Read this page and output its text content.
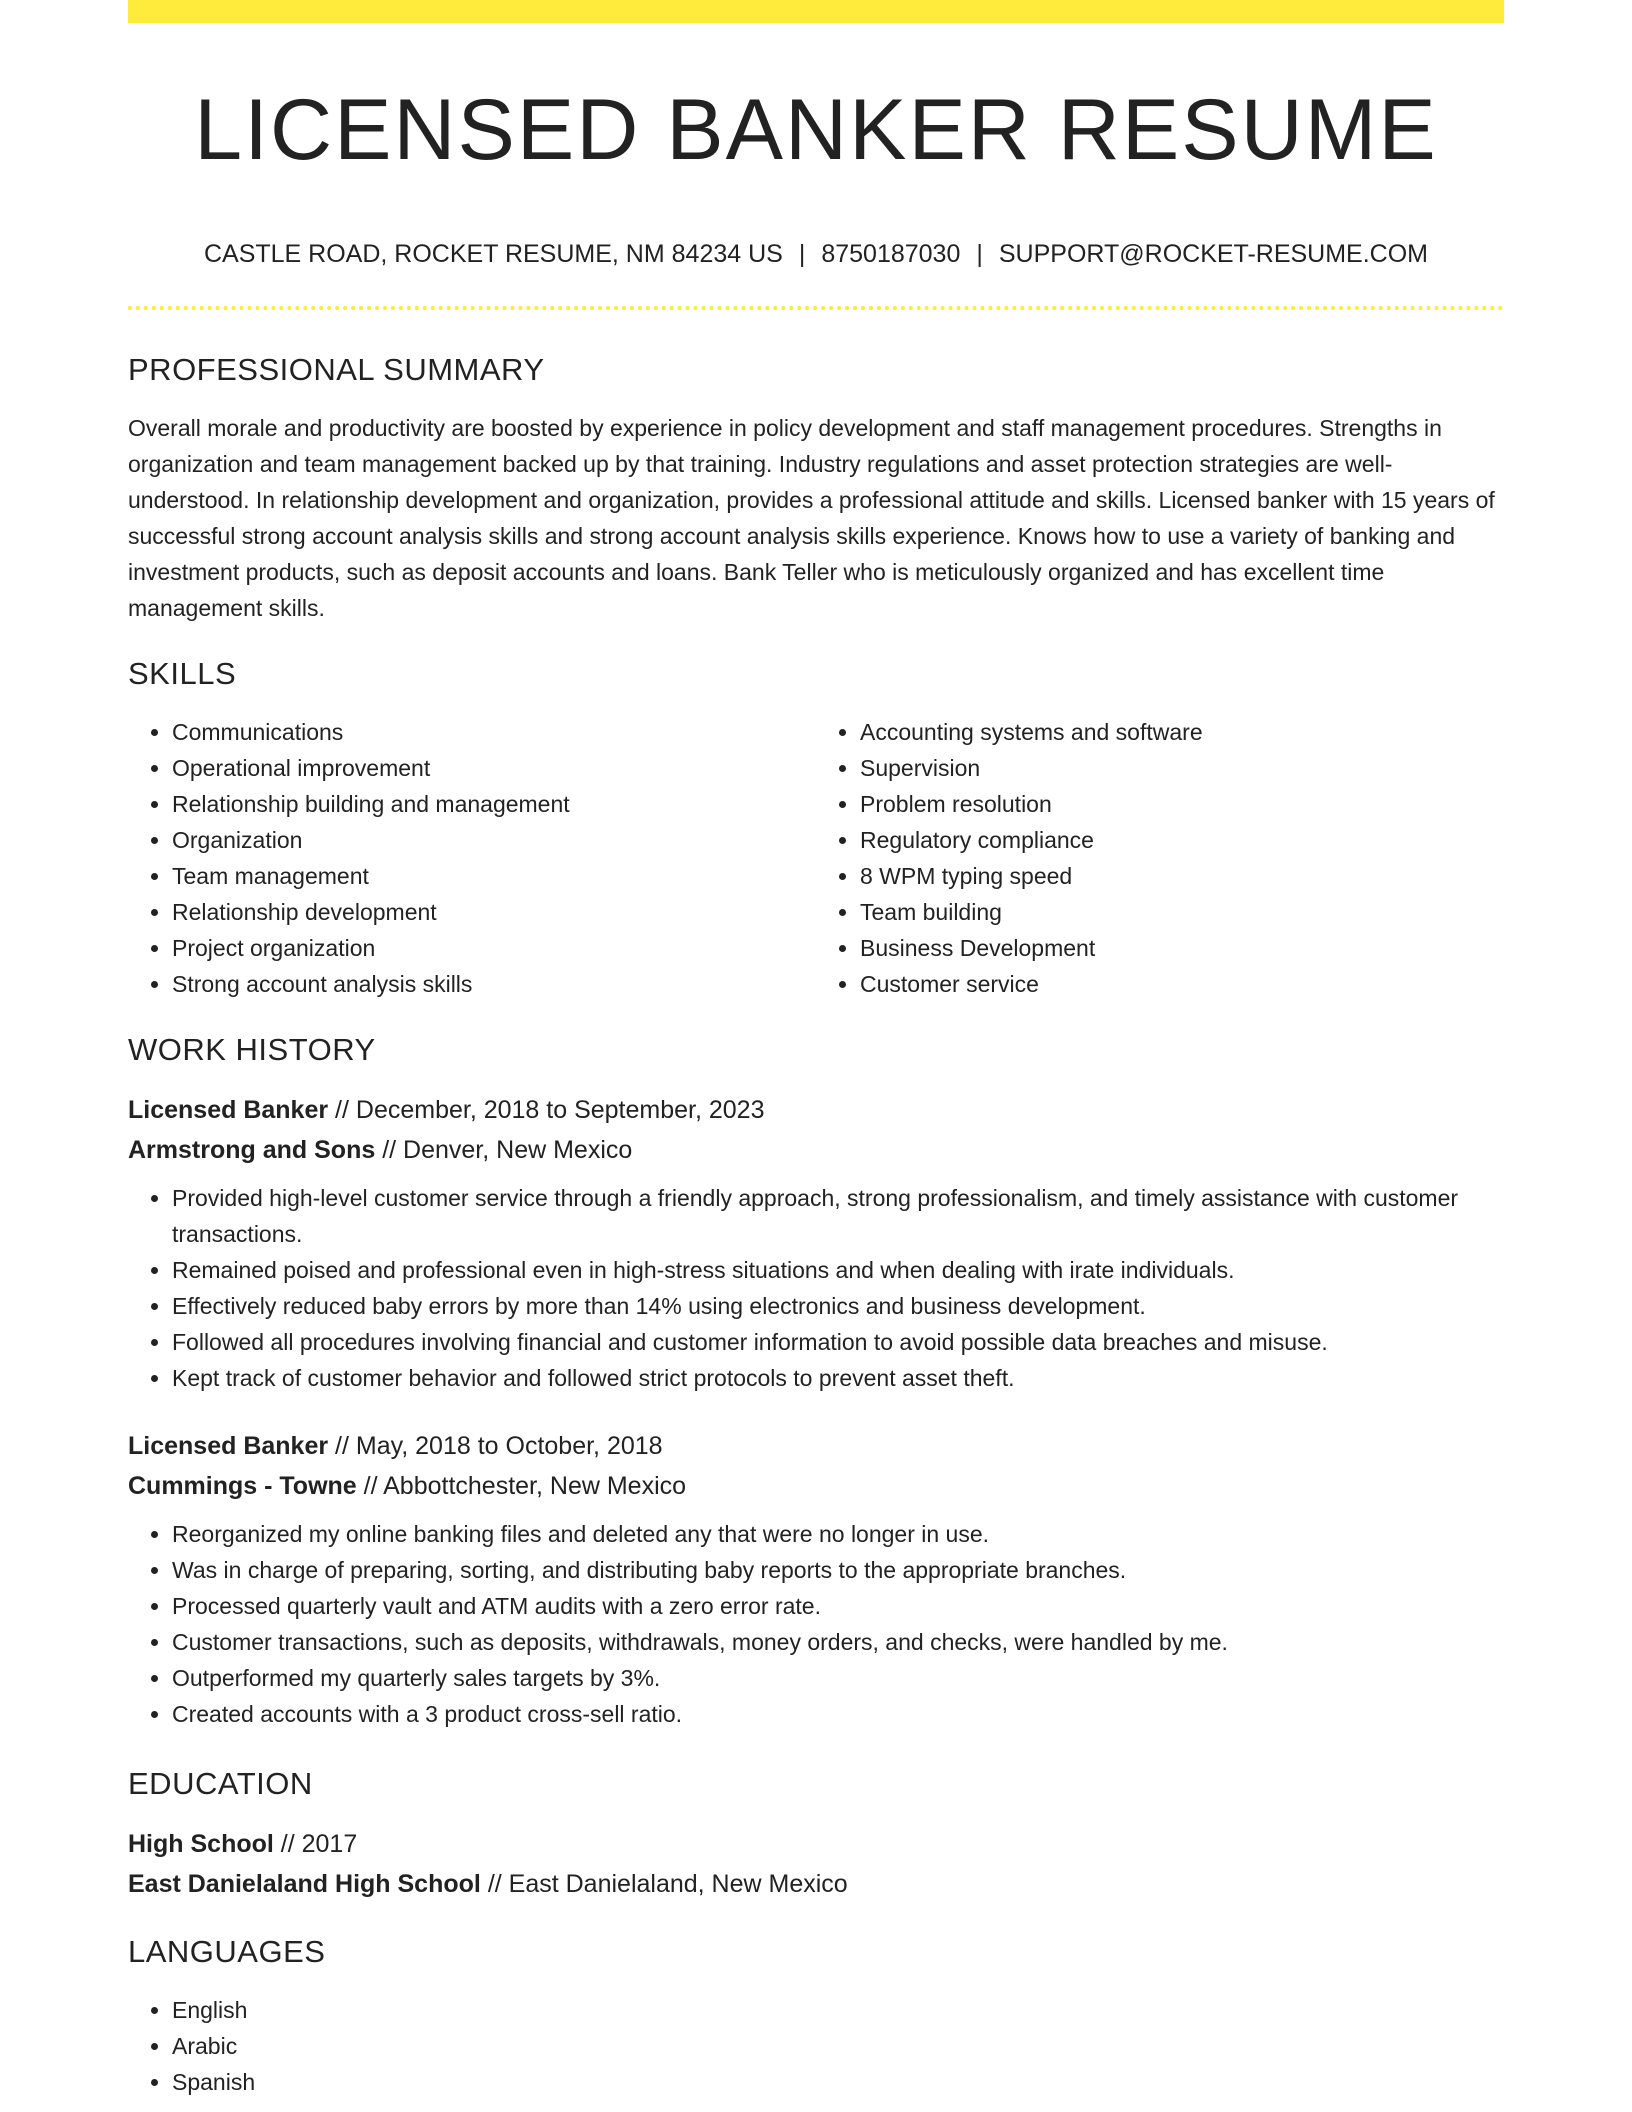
LICENSED BANKER RESUME
CASTLE ROAD, ROCKET RESUME, NM 84234 US | 8750187030 | SUPPORT@ROCKET-RESUME.COM
PROFESSIONAL SUMMARY

Overall morale and productivity are boosted by experience in policy development and staff management procedures. Strengths in organization and team management backed up by that training. Industry regulations and asset protection strategies are well-understood. In relationship development and organization, provides a professional attitude and skills. Licensed banker with 15 years of successful strong account analysis skills and strong account analysis skills experience. Knows how to use a variety of banking and investment products, such as deposit accounts and loans. Bank Teller who is meticulously organized and has excellent time management skills.

SKILLS
• Communications
• Operational improvement
• Relationship building and management
• Organization
• Team management
• Relationship development
• Project organization
• Strong account analysis skills
• Accounting systems and software
• Supervision
• Problem resolution
• Regulatory compliance
• 8 WPM typing speed
• Team building
• Business Development
• Customer service
WORK HISTORY
Licensed Banker // December, 2018 to September, 2023
Armstrong and Sons // Denver, New Mexico
• Provided high-level customer service through a friendly approach, strong professionalism, and timely assistance with customer transactions.
• Remained poised and professional even in high-stress situations and when dealing with irate individuals.
• Effectively reduced baby errors by more than 14% using electronics and business development.
• Followed all procedures involving financial and customer information to avoid possible data breaches and misuse.
• Kept track of customer behavior and followed strict protocols to prevent asset theft.
Licensed Banker // May, 2018 to October, 2018
Cummings - Towne // Abbottchester, New Mexico
• Reorganized my online banking files and deleted any that were no longer in use.
• Was in charge of preparing, sorting, and distributing baby reports to the appropriate branches.
• Processed quarterly vault and ATM audits with a zero error rate.
• Customer transactions, such as deposits, withdrawals, money orders, and checks, were handled by me.
• Outperformed my quarterly sales targets by 3%.
• Created accounts with a 3 product cross-sell ratio.
EDUCATION
High School // 2017
East Danielaland High School // East Danielaland, New Mexico
LANGUAGES
• English
• Arabic
• Spanish
